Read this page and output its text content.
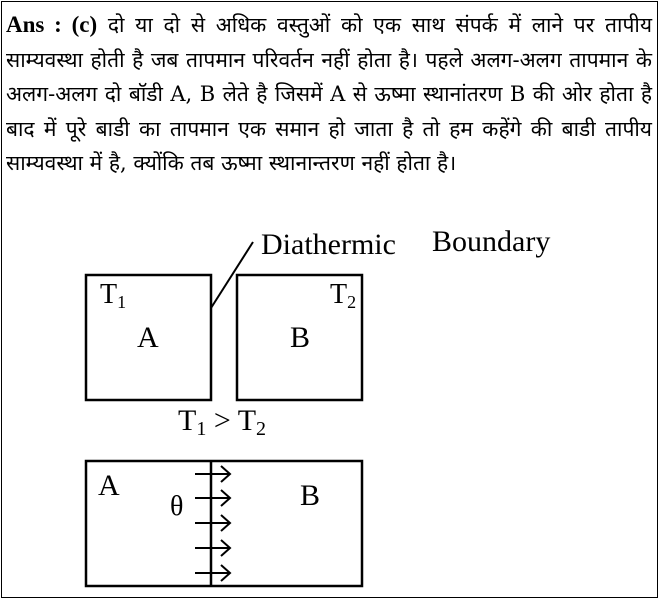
Ans : (c) दो या दो से अधिक वस्तुओं को एक साथ संपर्क में लाने पर तापीय साम्यवस्था होती है जब तापमान परिवर्तन नहीं होता है। पहले अलग-अलग तापमान के अलग-अलग दो बॉडी A, B लेते है जिसमें A से ऊष्मा स्थानांतरण B की ओर होता है बाद में पूरे बाडी का तापमान एक समान हो जाता है तो हम कहेंगे की बाडी तापीय साम्यवस्था में है, क्योंकि तब ऊष्मा स्थानान्तरण नहीं होता है।

Diathermic Boundary
T1
A
T2
B
T1 > T2
A
θ	B
